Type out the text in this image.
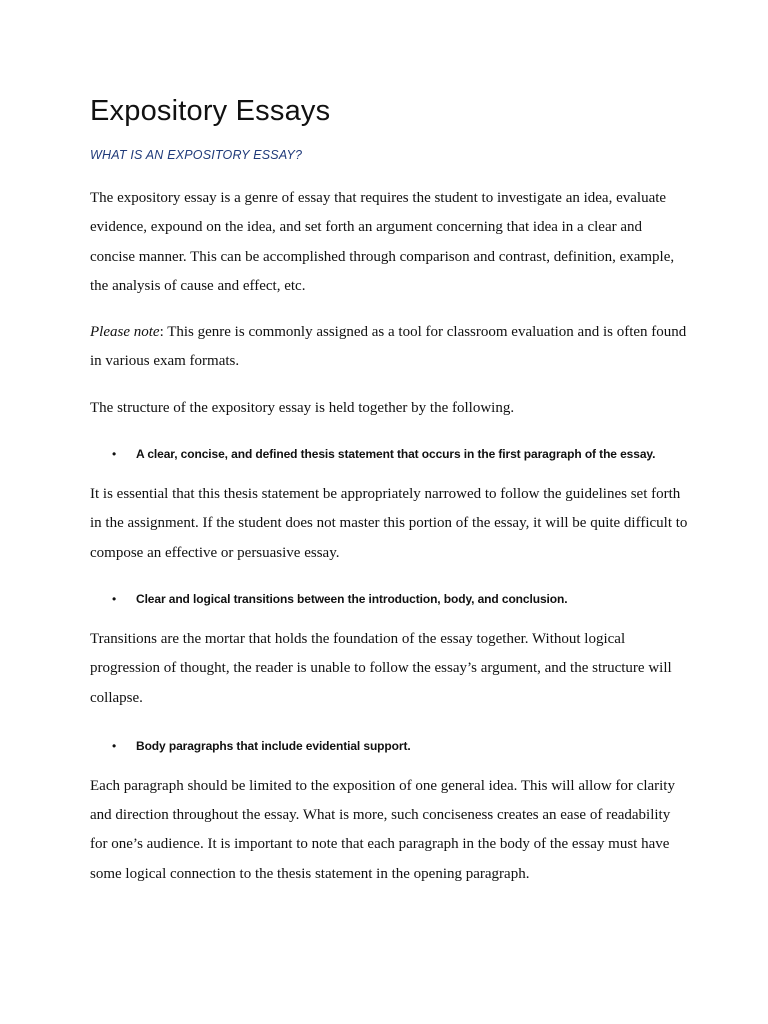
Expository Essays
WHAT IS AN EXPOSITORY ESSAY?

The expository essay is a genre of essay that requires the student to investigate an idea, evaluate evidence, expound on the idea, and set forth an argument concerning that idea in a clear and concise manner. This can be accomplished through comparison and contrast, definition, example, the analysis of cause and effect, etc.

Please note: This genre is commonly assigned as a tool for classroom evaluation and is often found in various exam formats.

The structure of the expository essay is held together by the following.

• A clear, concise, and defined thesis statement that occurs in the first paragraph of the essay.

It is essential that this thesis statement be appropriately narrowed to follow the guidelines set forth in the assignment. If the student does not master this portion of the essay, it will be quite difficult to compose an effective or persuasive essay.

• Clear and logical transitions between the introduction, body, and conclusion.

Transitions are the mortar that holds the foundation of the essay together. Without logical progression of thought, the reader is unable to follow the essay’s argument, and the structure will collapse.

• Body paragraphs that include evidential support.

Each paragraph should be limited to the exposition of one general idea. This will allow for clarity and direction throughout the essay. What is more, such conciseness creates an ease of readability for one’s audience. It is important to note that each paragraph in the body of the essay must have some logical connection to the thesis statement in the opening paragraph.
